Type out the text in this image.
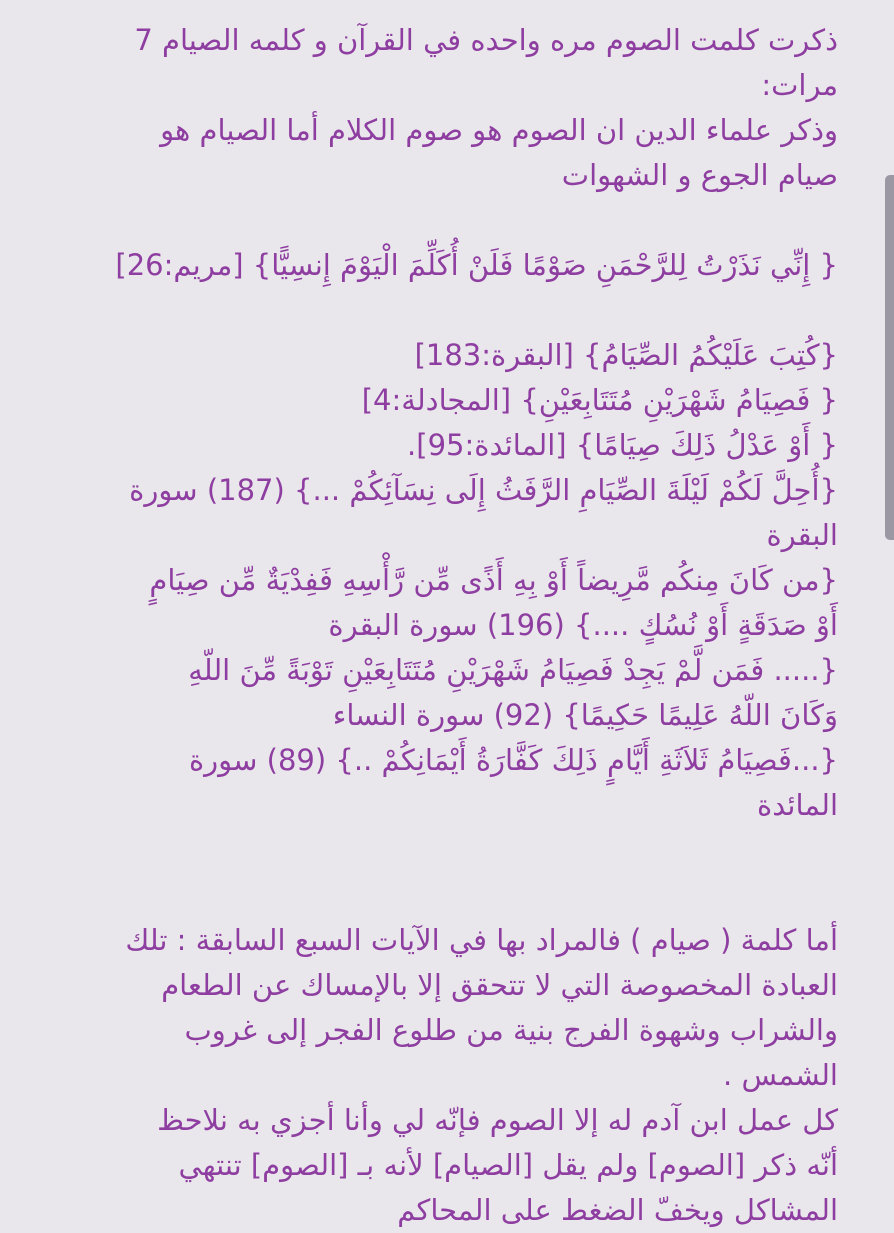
ذكرت كلمت الصوم مره واحده في القرآن و كلمه الصيام 7
مرات:
وذكر علماء الدين ان الصوم هو صوم الكلام أما الصيام هو
صيام الجوع و الشهوات
{ إِنِّي نَذَرْتُ لِلرَّحْمَنِ صَوْمًا فَلَنْ أُكَلِّمَ الْيَوْمَ إِنسِيًّا} [مريم:26]
{كُتِبَ عَلَيْكُمُ الصِّيَامُ} [البقرة:183]
{ فَصِيَامُ شَهْرَيْنِ مُتَتَابِعَيْنِ} [المجادلة:4]
{ أَوْ عَدْلُ ذَلِكَ صِيَامًا} [المائدة:95].
{أُحِلَّ لَكُمْ لَيْلَةَ الصِّيَامِ الرَّفَثُ إِلَى نِسَآئِكُمْ ...} (187) سورة
البقرة
{من كَانَ مِنكُم مَّرِيضاً أَوْ بِهِ أَذًى مِّن رَّأْسِهِ فَفِدْيَةٌ مِّن صِيَامٍ
أَوْ صَدَقَةٍ أَوْ نُسُكٍ ....} (196) سورة البقرة
{..... فَمَن لَّمْ يَجِدْ فَصِيَامُ شَهْرَيْنِ مُتَتَابِعَيْنِ تَوْبَةً مِّنَ اللّهِ
وَكَانَ اللّهُ عَلِيمًا حَكِيمًا} (92) سورة النساء
{...فَصِيَامُ ثَلاَثَةِ أَيَّامٍ ذَلِكَ كَفَّارَةُ أَيْمَانِكُمْ ..} (89) سورة
المائدة
أما كلمة ( صيام ) فالمراد بها في الآيات السبع السابقة : تلك
العبادة المخصوصة التي لا تتحقق إلا بالإمساك عن الطعام
والشراب وشهوة الفرج بنية من طلوع الفجر إلى غروب
الشمس .
كل عمل ابن آدم له إلا الصوم فإنّه لي وأنا أجزي به نلاحظ
أنّه ذكر [الصوم] ولم يقل [الصيام] لأنه بـ [الصوم] تنتهي
المشاكل ويخفّ الضغط على المحاكم
